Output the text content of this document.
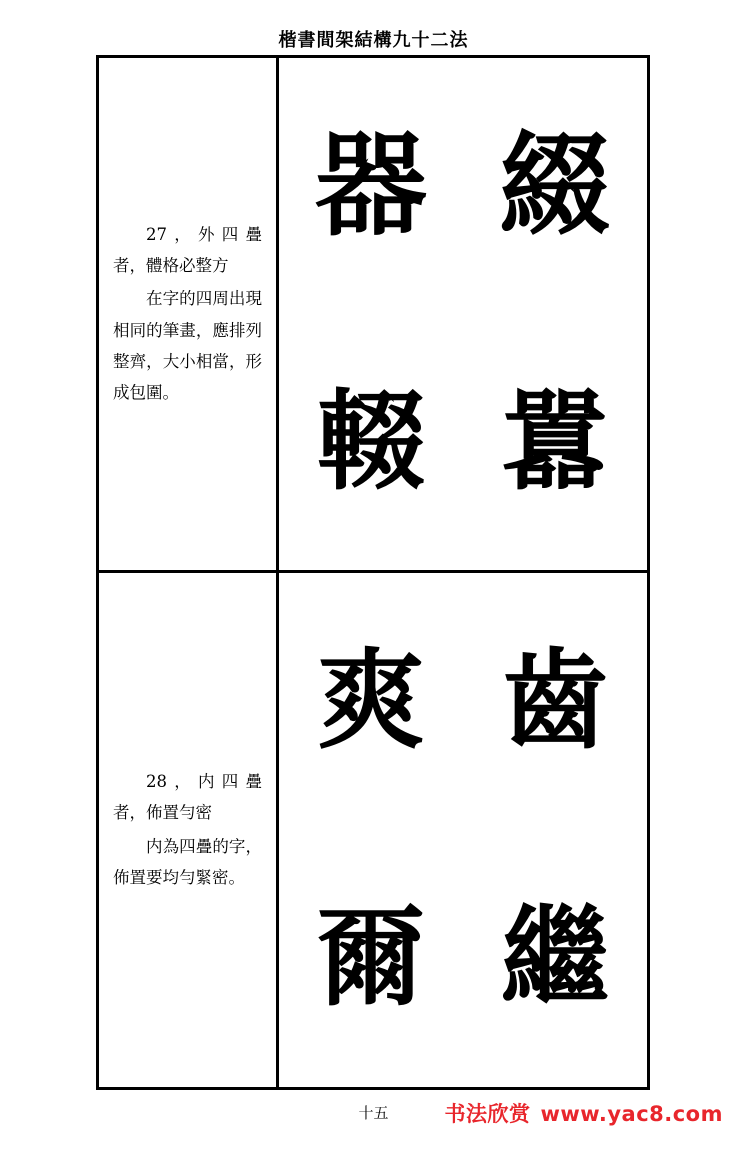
楷書間架結構九十二法
27，外四疊者，體格必整方
在字的四周出現相同的筆畫，應排列整齊，大小相當，形成包圍。
器 綴
輟 囂
28，内四疊者，佈置勻密
内為四疊的字，佈置要均勻緊密。
爽 齒
爾 繼
十五	书法欣赏 www.yac8.com
